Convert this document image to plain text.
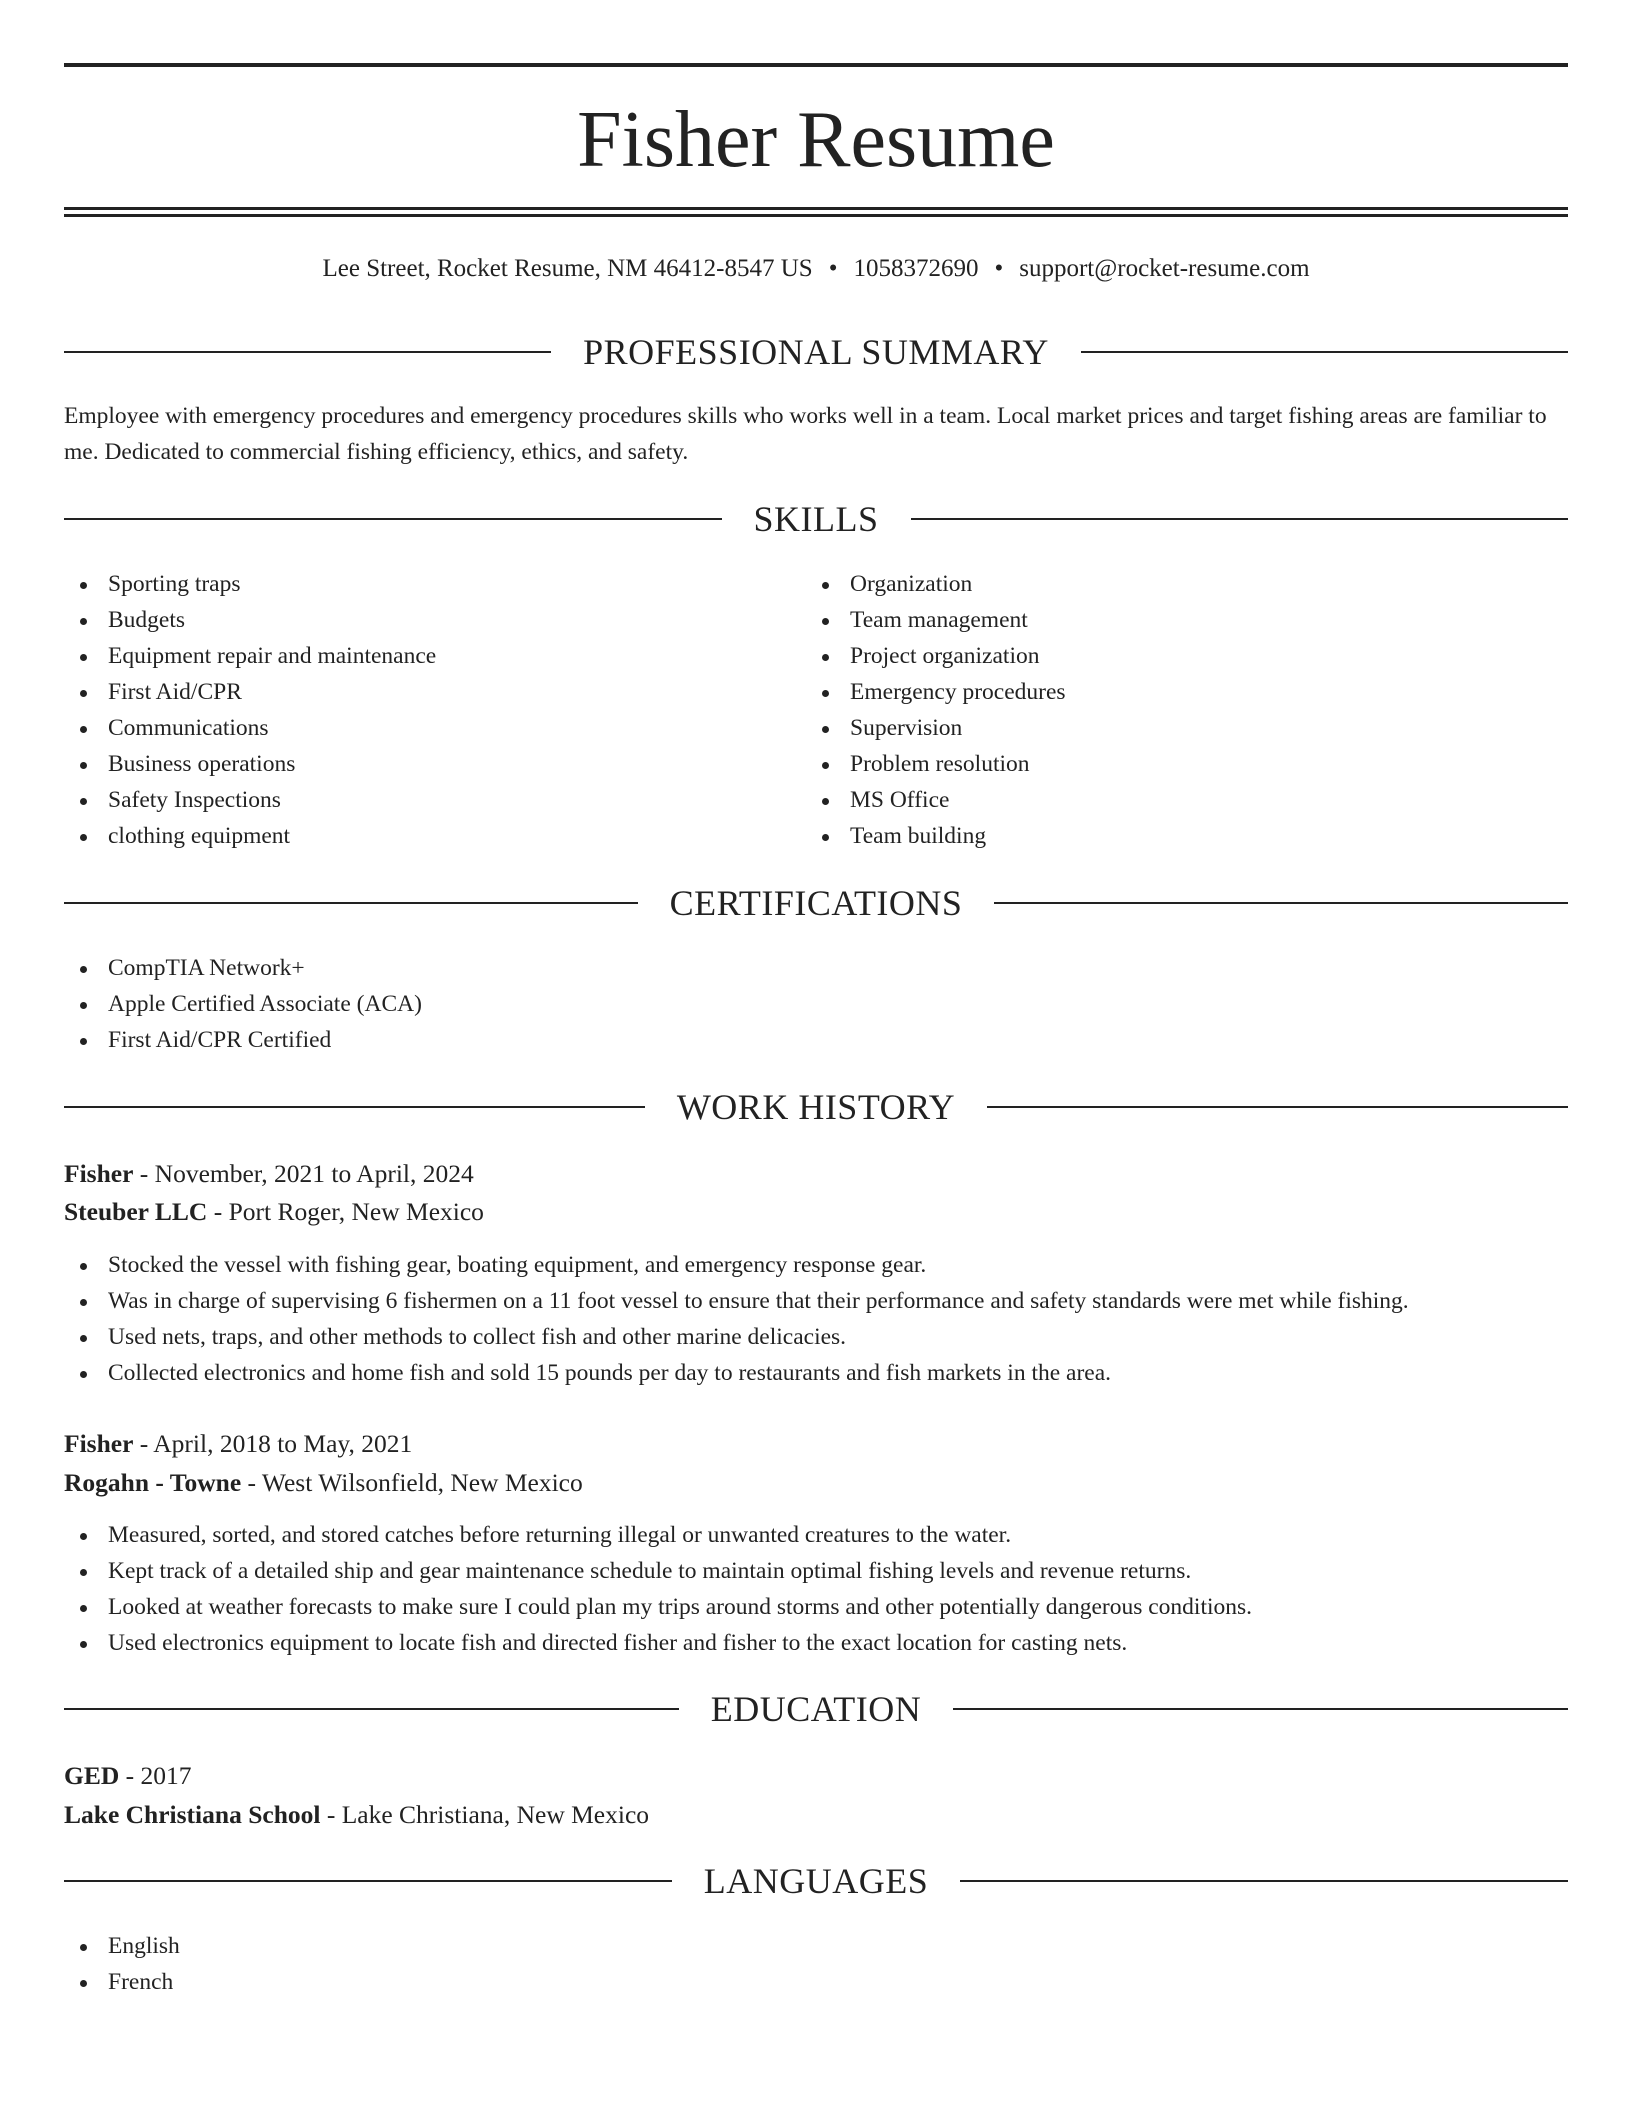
Fisher Resume
Lee Street, Rocket Resume, NM 46412-8547 US • 1058372690 • support@rocket-resume.com
PROFESSIONAL SUMMARY

Employee with emergency procedures and emergency procedures skills who works well in a team. Local market prices and target fishing areas are familiar to me. Dedicated to commercial fishing efficiency, ethics, and safety.

SKILLS
Sporting traps
Budgets
Equipment repair and maintenance
First Aid/CPR
Communications
Business operations
Safety Inspections
clothing equipment
Organization
Team management
Project organization
Emergency procedures
Supervision
Problem resolution
MS Office
Team building
CERTIFICATIONS
CompTIA Network+
Apple Certified Associate (ACA)
First Aid/CPR Certified
WORK HISTORY
Fisher - November, 2021 to April, 2024
Steuber LLC - Port Roger, New Mexico
Stocked the vessel with fishing gear, boating equipment, and emergency response gear.
Was in charge of supervising 6 fishermen on a 11 foot vessel to ensure that their performance and safety standards were met while fishing.
Used nets, traps, and other methods to collect fish and other marine delicacies.
Collected electronics and home fish and sold 15 pounds per day to restaurants and fish markets in the area.
Fisher - April, 2018 to May, 2021
Rogahn - Towne - West Wilsonfield, New Mexico
Measured, sorted, and stored catches before returning illegal or unwanted creatures to the water.
Kept track of a detailed ship and gear maintenance schedule to maintain optimal fishing levels and revenue returns.
Looked at weather forecasts to make sure I could plan my trips around storms and other potentially dangerous conditions.
Used electronics equipment to locate fish and directed fisher and fisher to the exact location for casting nets.
EDUCATION
GED - 2017
Lake Christiana School - Lake Christiana, New Mexico
LANGUAGES
English
French
